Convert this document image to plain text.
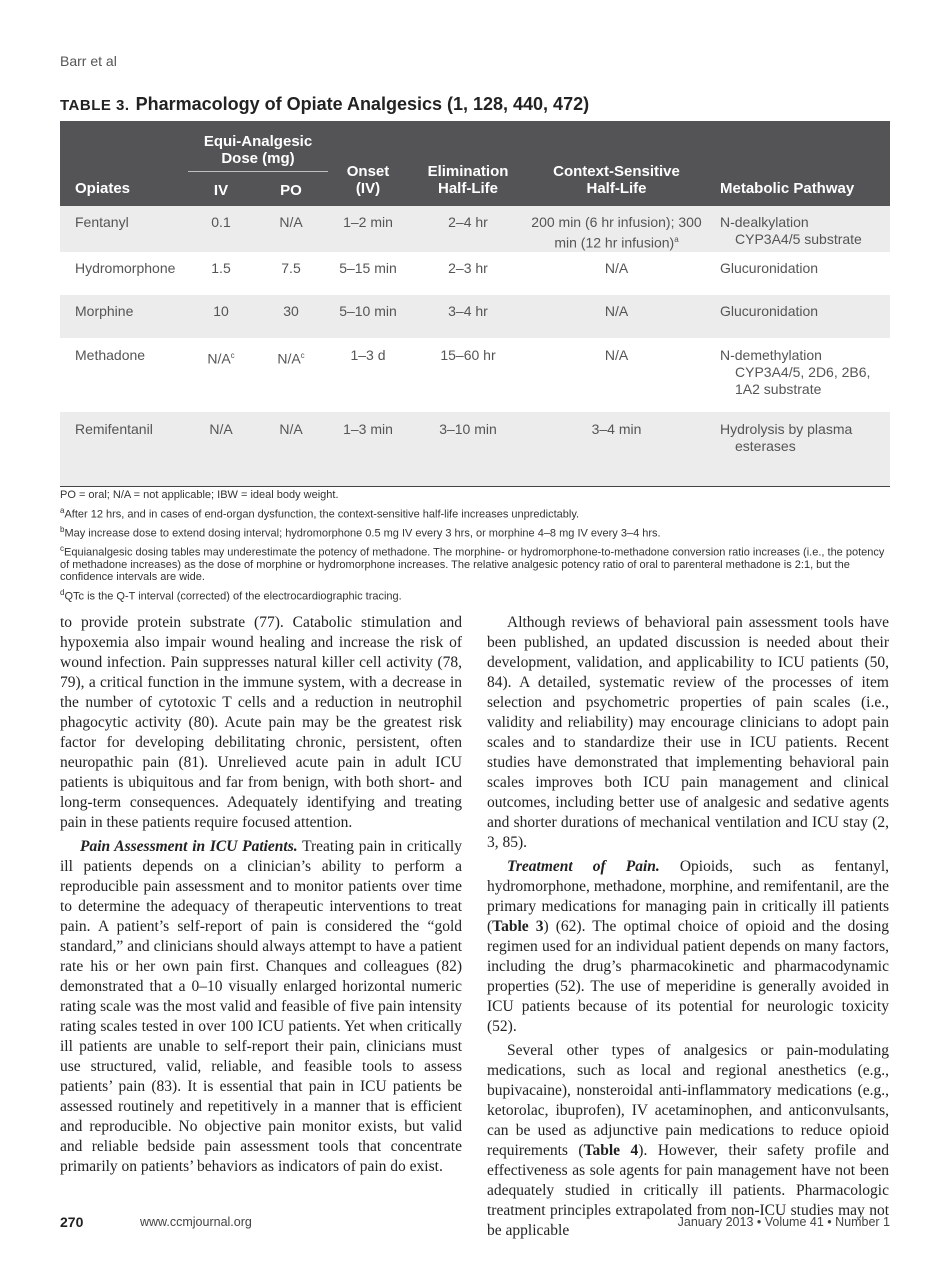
Barr et al
TABLE 3. Pharmacology of Opiate Analgesics (1, 128, 440, 472)
Opiates	Equi-Analgesic Dose (mg)		Onset (IV)	Elimination Half-Life	Context-Sensitive Half-Life	Metabolic Pathway
	IV	PO				
Fentanyl	0.1	N/A	1–2 min	2–4 hr	200 min (6 hr infusion); 300 min (12 hr infusion)$^a$	N-dealkylation
CYP3A4/5 substrate
Hydromorphone	1.5	7.5	5–15 min	2–3 hr	N/A	Glucuronidation
Morphine	10	30	5–10 min	3–4 hr	N/A	Glucuronidation
Methadone	$N/A^c$	$N/A^c$	1–3 d	15–60 hr	N/A	N-demethylation
CYP3A4/5, 2D6, 2B6,
1A2 substrate
Remifentanil	N/A	N/A	1–3 min	3–10 min	3–4 min	Hydrolysis by plasma
esterases

PO = oral; N/A = not applicable; IBW = ideal body weight.

$^a$After 12 hrs, and in cases of end-organ dysfunction, the context-sensitive half-life increases unpredictably.

$^b$May increase dose to extend dosing interval; hydromorphone 0.5 mg IV every 3 hrs, or morphine 4–8 mg IV every 3–4 hrs.

$^c$Equianalgesic dosing tables may underestimate the potency of methadone. The morphine- or hydromorphone-to-methadone conversion ratio increases (i.e., the potency of methadone increases) as the dose of morphine or hydromorphone increases. The relative analgesic potency ratio of oral to parenteral methadone is 2:1, but the confidence intervals are wide.

$^d$QTc is the Q-T interval (corrected) of the electrocardiographic tracing.

to provide protein substrate (77). Catabolic stimulation and hypoxemia also impair wound healing and increase the risk of wound infection. Pain suppresses natural killer cell activity (78, 79), a critical function in the immune system, with a decrease in the number of cytotoxic T cells and a reduction in neutrophil phagocytic activity (80). Acute pain may be the greatest risk factor for developing debilitating chronic, persistent, often neuropathic pain (81). Unrelieved acute pain in adult ICU patients is ubiquitous and far from benign, with both short- and long-term consequences. Adequately identifying and treating pain in these patients require focused attention.

Pain Assessment in ICU Patients. Treating pain in critically ill patients depends on a clinician’s ability to perform a reproducible pain assessment and to monitor patients over time to determine the adequacy of therapeutic interventions to treat pain. A patient’s self-report of pain is considered the “gold standard,” and clinicians should always attempt to have a patient rate his or her own pain first. Chanques and colleagues (82) demonstrated that a 0–10 visually enlarged horizontal numeric rating scale was the most valid and feasible of five pain intensity rating scales tested in over 100 ICU patients. Yet when critically ill patients are unable to self-report their pain, clinicians must use structured, valid, reliable, and feasible tools to assess patients’ pain (83). It is essential that pain in ICU patients be assessed routinely and repetitively in a manner that is efficient and reproducible. No objective pain monitor exists, but valid and reliable bedside pain assessment tools that concentrate primarily on patients’ behaviors as indicators of pain do exist.

Although reviews of behavioral pain assessment tools have been published, an updated discussion is needed about their development, validation, and applicability to ICU patients (50, 84). A detailed, systematic review of the processes of item selection and psychometric properties of pain scales (i.e., validity and reliability) may encourage clinicians to adopt pain scales and to standardize their use in ICU patients. Recent studies have demonstrated that implementing behavioral pain scales improves both ICU pain management and clinical outcomes, including better use of analgesic and sedative agents and shorter durations of mechanical ventilation and ICU stay (2, 3, 85).

Treatment of Pain. Opioids, such as fentanyl, hydromorphone, methadone, morphine, and remifentanil, are the primary medications for managing pain in critically ill patients (Table 3) (62). The optimal choice of opioid and the dosing regimen used for an individual patient depends on many factors, including the drug’s pharmacokinetic and pharmacodynamic properties (52). The use of meperidine is generally avoided in ICU patients because of its potential for neurologic toxicity (52).

Several other types of analgesics or pain-modulating medications, such as local and regional anesthetics (e.g., bupivacaine), nonsteroidal anti-inflammatory medications (e.g., ketorolac, ibuprofen), IV acetaminophen, and anticonvulsants, can be used as adjunctive pain medications to reduce opioid requirements (Table 4). However, their safety profile and effectiveness as sole agents for pain management have not been adequately studied in critically ill patients. Pharmacologic treatment principles extrapolated from non-ICU studies may not be applicable

270	www.ccmjournal.org	January 2013 • Volume 41 • Number 1
